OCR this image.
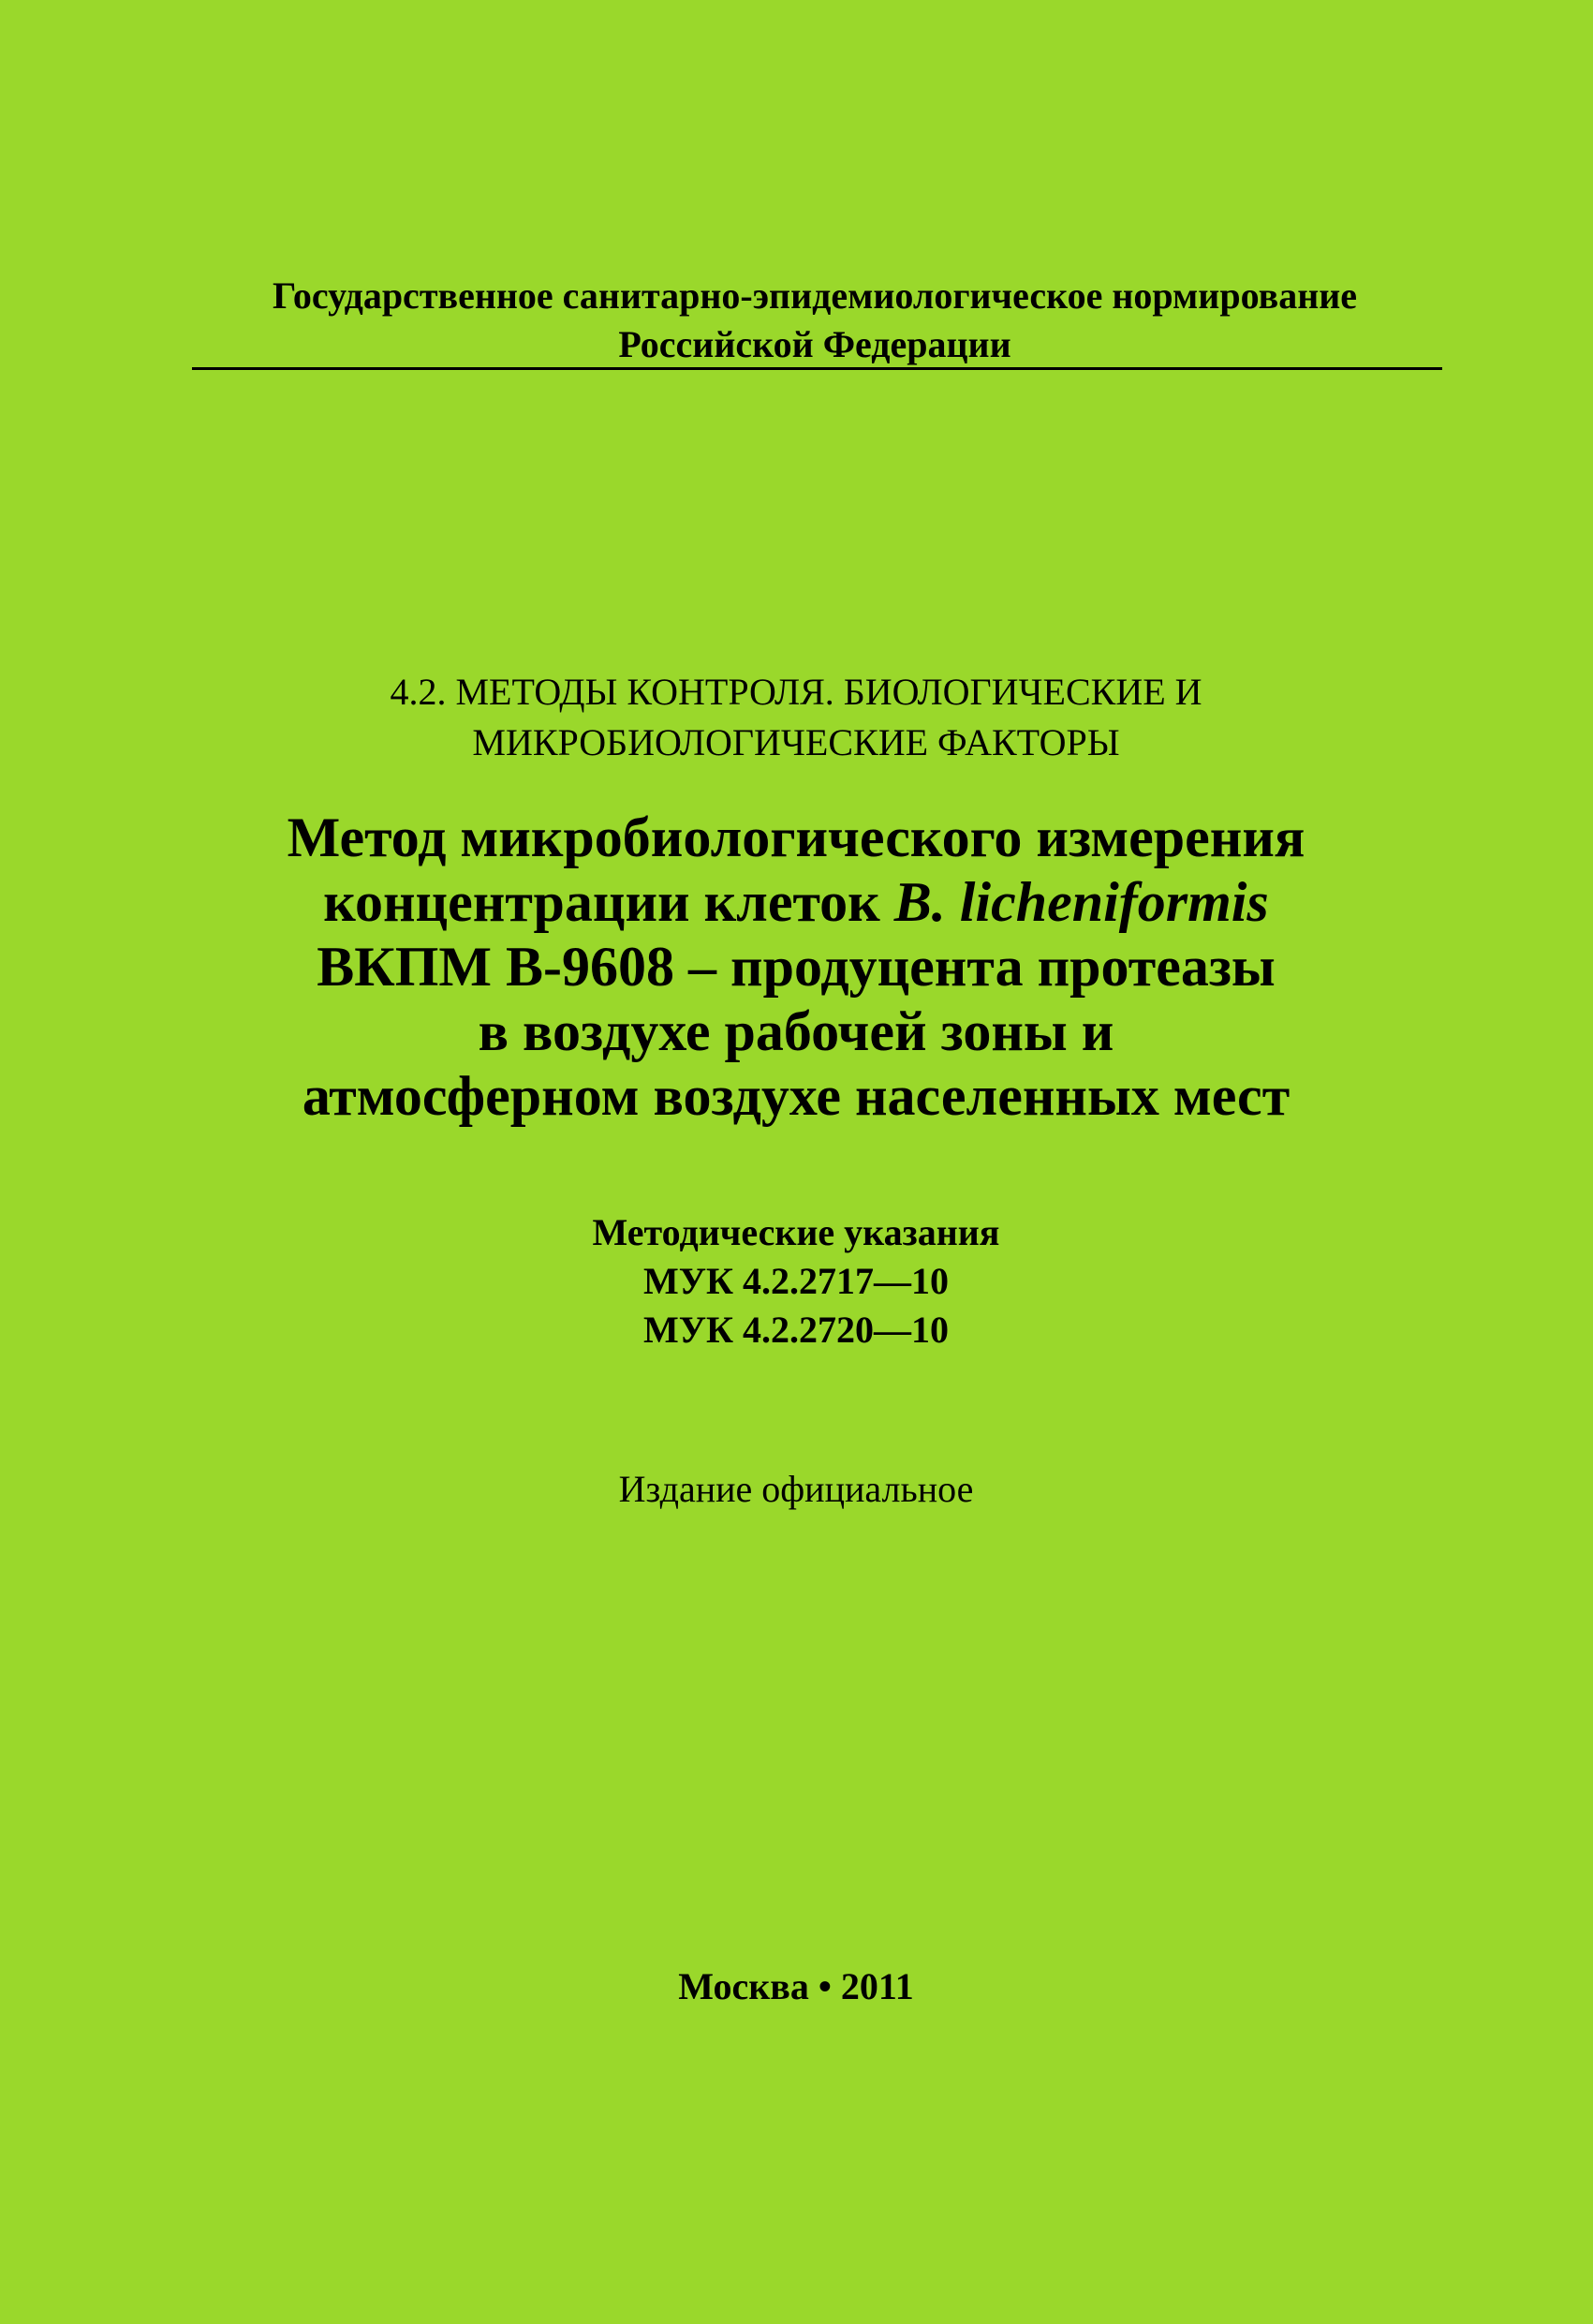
Государственное санитарно-эпидемиологическое нормирование
Российской Федерации
4.2. МЕТОДЫ КОНТРОЛЯ. БИОЛОГИЧЕСКИЕ И
МИКРОБИОЛОГИЧЕСКИЕ ФАКТОРЫ
Метод микробиологического измерения
концентрации клеток B. licheniformis
ВКПМ В-9608 – продуцента протеазы
в воздухе рабочей зоны и
атмосферном воздухе населенных мест
Методические указания
МУК 4.2.2717—10
МУК 4.2.2720—10
Издание официальное
Москва • 2011
